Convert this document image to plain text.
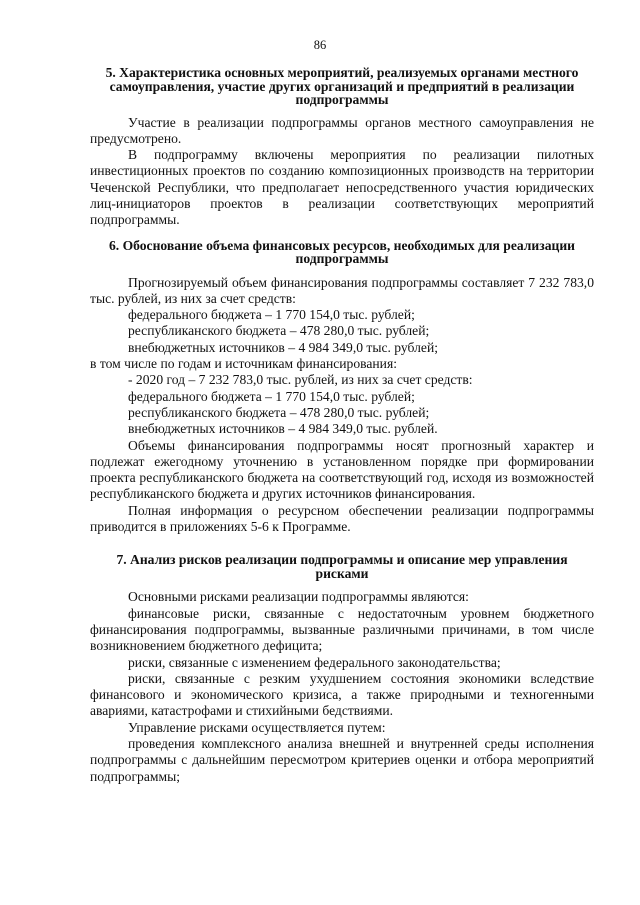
86

5. Характеристика основных мероприятий, реализуемых органами местного самоуправления, участие других организаций и предприятий в реализации подпрограммы

Участие в реализации подпрограммы органов местного самоуправления не предусмотрено.

В подпрограмму включены мероприятия по реализации пилотных инвестиционных проектов по созданию композиционных производств на территории Чеченской Республики, что предполагает непосредственного участия юридических лиц-инициаторов проектов в реализации соответствующих мероприятий подпрограммы.

6. Обоснование объема финансовых ресурсов, необходимых для реализации подпрограммы

Прогнозируемый объем финансирования подпрограммы составляет 7 232 783,0 тыс. рублей, из них за счет средств:

федерального бюджета – 1 770 154,0 тыс. рублей;

республиканского бюджета – 478 280,0 тыс. рублей;

внебюджетных источников – 4 984 349,0 тыс. рублей;

в том числе по годам и источникам финансирования:

- 2020 год – 7 232 783,0 тыс. рублей, из них за счет средств:

федерального бюджета – 1 770 154,0 тыс. рублей;

республиканского бюджета – 478 280,0 тыс. рублей;

внебюджетных источников – 4 984 349,0 тыс. рублей.

Объемы финансирования подпрограммы носят прогнозный характер и подлежат ежегодному уточнению в установленном порядке при формировании проекта республиканского бюджета на соответствующий год, исходя из возможностей республиканского бюджета и других источников финансирования.

Полная информация о ресурсном обеспечении реализации подпрограммы приводится в приложениях 5-6 к Программе.

7. Анализ рисков реализации подпрограммы и описание мер управления рисками

Основными рисками реализации подпрограммы являются:

финансовые риски, связанные с недостаточным уровнем бюджетного финансирования подпрограммы, вызванные различными причинами, в том числе возникновением бюджетного дефицита;

риски, связанные с изменением федерального законодательства;

риски, связанные с резким ухудшением состояния экономики вследствие финансового и экономического кризиса, а также природными и техногенными авариями, катастрофами и стихийными бедствиями.

Управление рисками осуществляется путем:

проведения комплексного анализа внешней и внутренней среды исполнения подпрограммы с дальнейшим пересмотром критериев оценки и отбора мероприятий подпрограммы;
